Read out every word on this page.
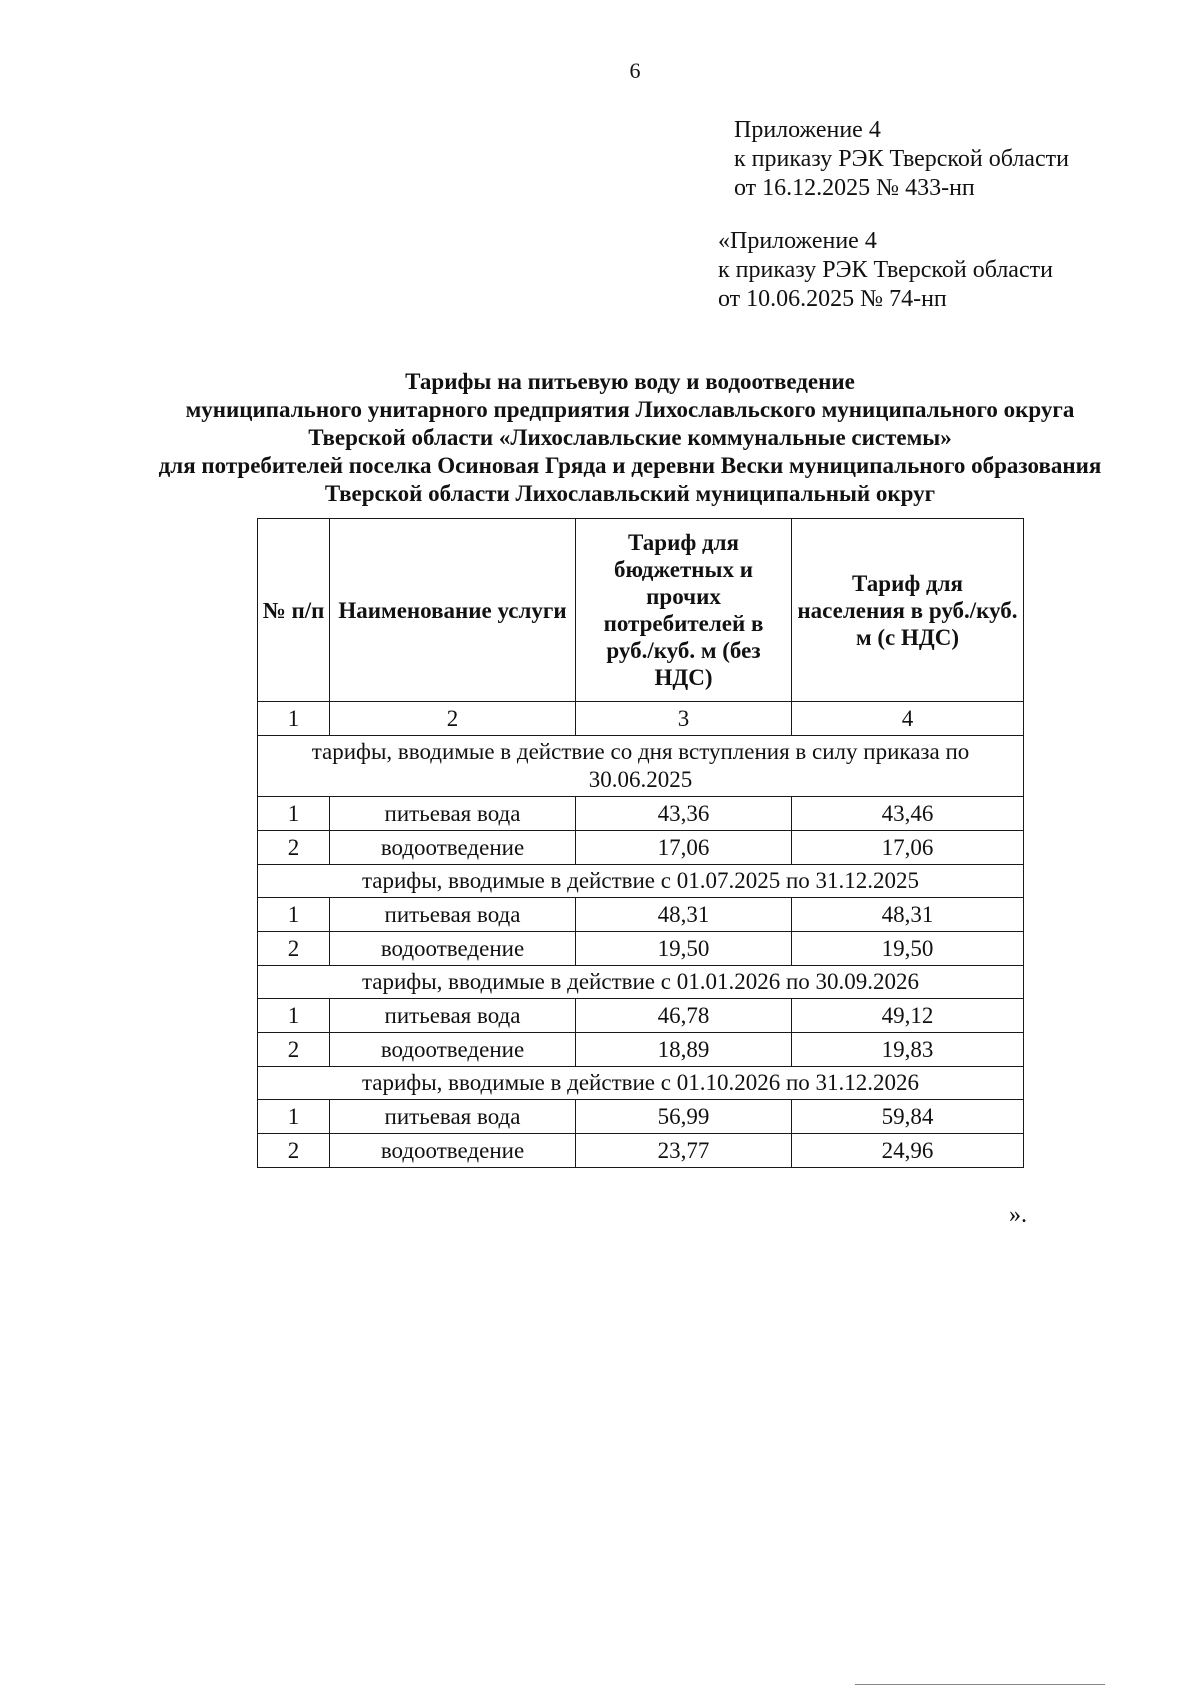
6
Приложение 4
к приказу РЭК Тверской области
от 16.12.2025 № 433-нп
«Приложение 4
к приказу РЭК Тверской области
от 10.06.2025 № 74-нп
Тарифы на питьевую воду и водоотведение
муниципального унитарного предприятия Лихославльского муниципального округа
Тверской области «Лихославльские коммунальные системы»
для потребителей поселка Осиновая Гряда и деревни Вески муниципального образования
Тверской области Лихославльский муниципальный округ
№ п/п	Наименование услуги	Тариф для бюджетных и прочих потребителей в руб./куб. м (без НДС)	Тариф для населения в руб./куб. м (с НДС)
1	2	3	4
тарифы, вводимые в действие со дня вступления в силу приказа по 30.06.2025			
1	питьевая вода	43,36	43,46
2	водоотведение	17,06	17,06
тарифы, вводимые в действие с 01.07.2025 по 31.12.2025			
1	питьевая вода	48,31	48,31
2	водоотведение	19,50	19,50
тарифы, вводимые в действие с 01.01.2026 по 30.09.2026			
1	питьевая вода	46,78	49,12
2	водоотведение	18,89	19,83
тарифы, вводимые в действие с 01.10.2026 по 31.12.2026			
1	питьевая вода	56,99	59,84
2	водоотведение	23,77	24,96
».
